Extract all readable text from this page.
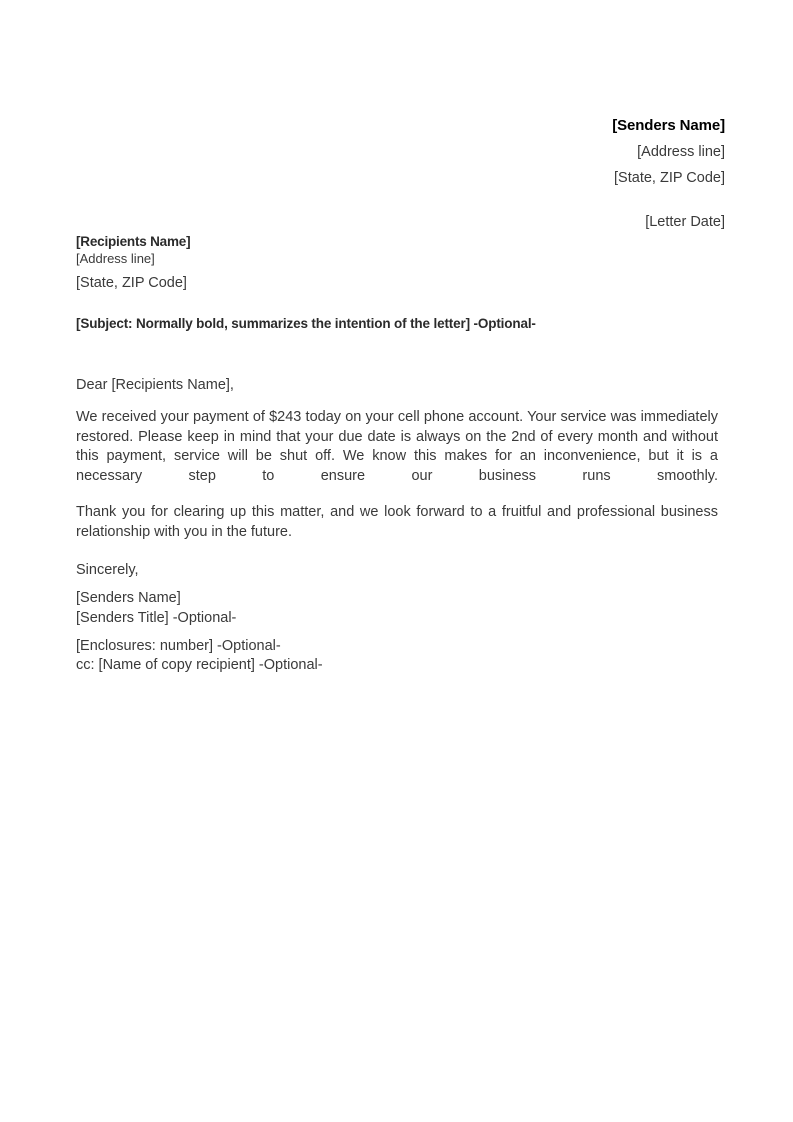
[Senders Name]
[Address line]
[State, ZIP Code]
[Letter Date]
[Recipients Name]
[Address line]
[State, ZIP Code]
[Subject: Normally bold, summarizes the intention of the letter] -Optional-
Dear [Recipients Name],

We received your payment of $243 today on your cell phone account. Your service was immediately restored. Please keep in mind that your due date is always on the 2nd of every month and without this payment, service will be shut off. We know this makes for an inconvenience, but it is a necessary step to ensure our business runs smoothly.

Thank you for clearing up this matter, and we look forward to a fruitful and professional business relationship with you in the future.

Sincerely,
[Senders Name]
[Senders Title] -Optional-
[Enclosures: number] -Optional-
cc: [Name of copy recipient] -Optional-
